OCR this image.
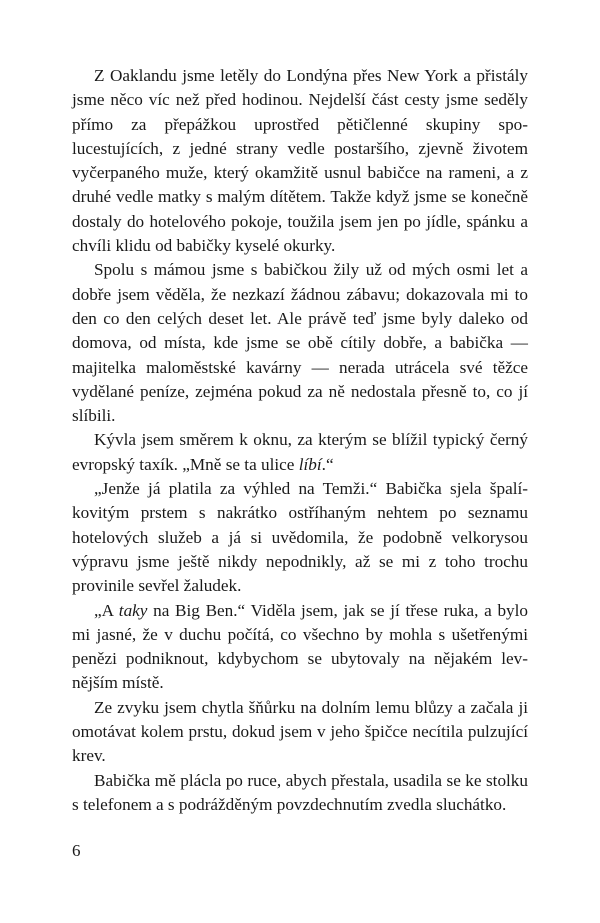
Z Oaklandu jsme letěly do Londýna přes New York a přistály jsme něco víc než před hodinou. Nejdelší část cesty jsme seděly přímo za přepážkou uprostřed pětičlenné skupiny spolucestujících, z jedné strany vedle postaršího, zjevně životem vyčerpaného muže, který okamžitě usnul babičce na rameni, a z druhé vedle matky s malým dítětem. Takže když jsme se konečně dostaly do hotelového pokoje, toužila jsem jen po jídle, spánku a chvíli klidu od babičky kyselé okurky.

Spolu s mámou jsme s babičkou žily už od mých osmi let a dobře jsem věděla, že nezkazí žádnou zábavu; dokazovala mi to den co den celých deset let. Ale právě teď jsme byly daleko od domova, od místa, kde jsme se obě cítily dobře, a babička — majitelka maloměstské kavárny — nerada utrácela své těžce vydělané peníze, zejména pokud za ně nedostala přesně to, co jí slíbili.

Kývla jsem směrem k oknu, za kterým se blížil typický černý evropský taxík. „Mně se ta ulice líbí.“

„Jenže já platila za výhled na Temži.“ Babička sjela špalíkovitým prstem s nakrátko ostříhaným nehtem po seznamu hotelových služeb a já si uvědomila, že podobně velkorysou výpravu jsme ještě nikdy nepodnikly, až se mi z toho trochu provinile sevřel žaludek.

„A taky na Big Ben.“ Viděla jsem, jak se jí třese ruka, a bylo mi jasné, že v duchu počítá, co všechno by mohla s ušetřenými penězi podniknout, kdybychom se ubytovaly na nějakém levnějším místě.

Ze zvyku jsem chytla šňůrku na dolním lemu blůzy a začala ji omotávat kolem prstu, dokud jsem v jeho špičce necítila pulzující krev.

Babička mě plácla po ruce, abych přestala, usadila se ke stolku s telefonem a s podrážděným povzdechnutím zvedla sluchátko.

6
